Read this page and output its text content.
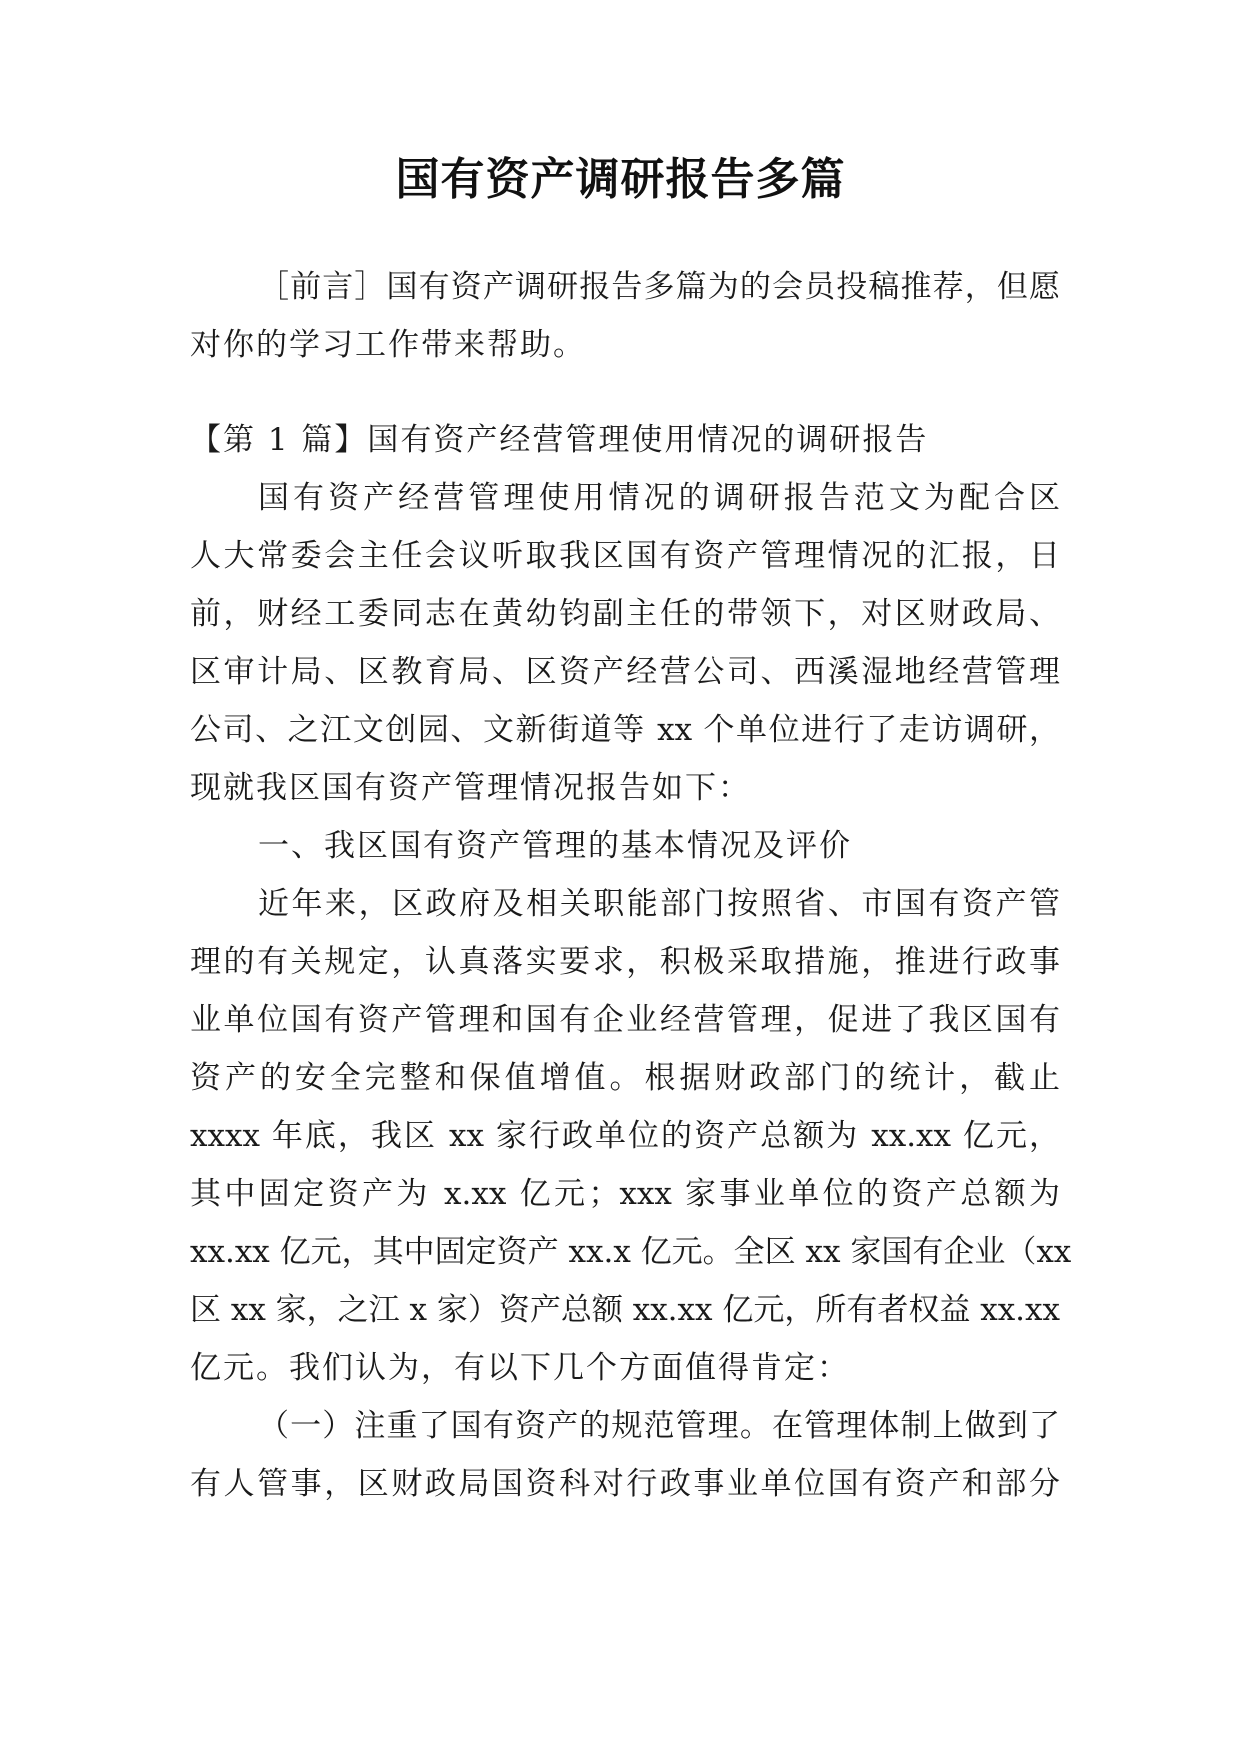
国有资产调研报告多篇
［前言］国有资产调研报告多篇为的会员投稿推荐，但愿
对你的学习工作带来帮助。
【第 1 篇】国有资产经营管理使用情况的调研报告
国有资产经营管理使用情况的调研报告范文为配合区
人大常委会主任会议听取我区国有资产管理情况的汇报，日
前，财经工委同志在黄幼钧副主任的带领下，对区财政局、
区审计局、区教育局、区资产经营公司、西溪湿地经营管理
公司、之江文创园、文新街道等 xx 个单位进行了走访调研，
现就我区国有资产管理情况报告如下：
一、我区国有资产管理的基本情况及评价
近年来，区政府及相关职能部门按照省、市国有资产管
理的有关规定，认真落实要求，积极采取措施，推进行政事
业单位国有资产管理和国有企业经营管理，促进了我区国有
资产的安全完整和保值增值。根据财政部门的统计，截止
xxxx 年底，我区 xx 家行政单位的资产总额为 xx.xx 亿元，
其中固定资产为 x.xx 亿元；xxx 家事业单位的资产总额为
xx.xx 亿元，其中固定资产 xx.x 亿元。全区 xx 家国有企业（xx
区 xx 家，之江 x 家）资产总额 xx.xx 亿元，所有者权益 xx.xx
亿元。我们认为，有以下几个方面值得肯定：
（一）注重了国有资产的规范管理。在管理体制上做到了
有人管事，区财政局国资科对行政事业单位国有资产和部分
